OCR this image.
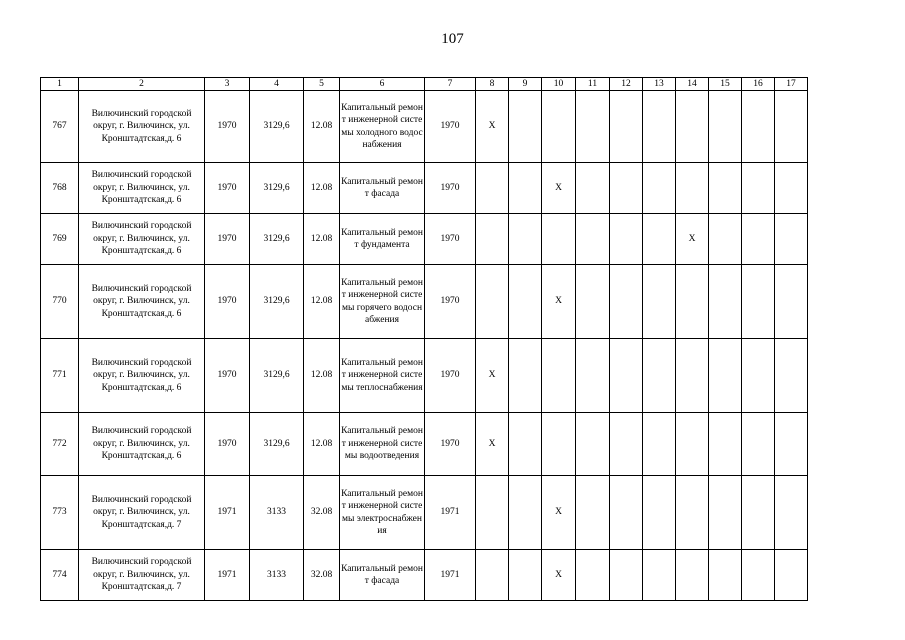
107
1	2	3	4	5	6	7	8	9	10	11	12	13	14	15	16	17
767	Вилючинский городской округ, г. Вилючинск, ул. Кронштадтская,д. 6	1970	3129,6	12.08	Капитальный ремонт инженерной системы холодного водоснабжения	1970	X									
768	Вилючинский городской округ, г. Вилючинск, ул. Кронштадтская,д. 6	1970	3129,6	12.08	Капитальный ремонт фасада	1970			X							
769	Вилючинский городской округ, г. Вилючинск, ул. Кронштадтская,д. 6	1970	3129,6	12.08	Капитальный ремонт фундамента	1970							X			
770	Вилючинский городской округ, г. Вилючинск, ул. Кронштадтская,д. 6	1970	3129,6	12.08	Капитальный ремонт инженерной системы горячего водоснабжения	1970			X							
771	Вилючинский городской округ, г. Вилючинск, ул. Кронштадтская,д. 6	1970	3129,6	12.08	Капитальный ремонт инженерной системы теплоснабжения	1970	X									
772	Вилючинский городской округ, г. Вилючинск, ул. Кронштадтская,д. 6	1970	3129,6	12.08	Капитальный ремонт инженерной системы водоотведения	1970	X									
773	Вилючинский городской округ, г. Вилючинск, ул. Кронштадтская,д. 7	1971	3133	32.08	Капитальный ремонт инженерной системы электроснабжения	1971			X							
774	Вилючинский городской округ, г. Вилючинск, ул. Кронштадтская,д. 7	1971	3133	32.08	Капитальный ремонт фасада	1971			X							
